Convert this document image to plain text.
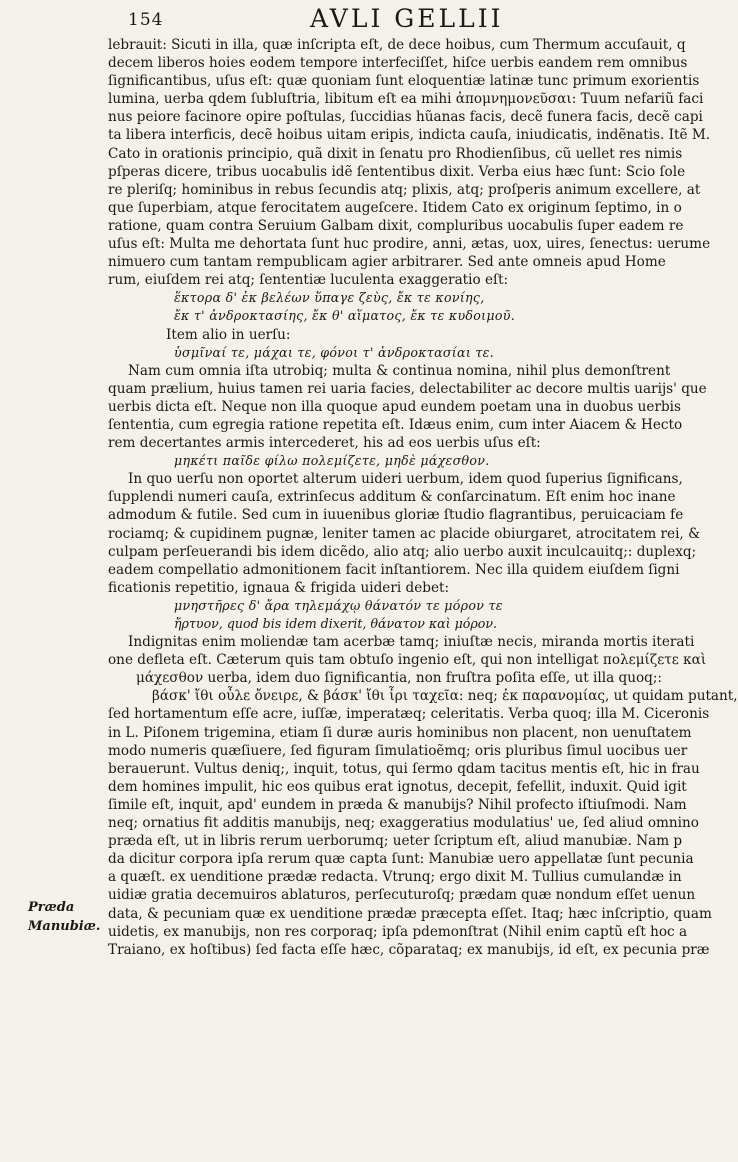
154	AVLI GELLII
Præda
Manubiæ.
lebrauit: Sicuti in illa, quæ inſcripta eſt, de dece hoibus, cum Thermum accuſauit, q
decem liberos hoies eodem tempore interfeciſſet, hiſce uerbis eandem rem omnibus
ſignificantibus, uſus eſt: quæ quoniam ſunt eloquentiæ latinæ tunc primum exorientis
lumina, uerba qdem ſubluſtria, libitum eſt ea mihi ἀπομνημονεῦσαι: Tuum nefariũ faci
nus peiore facinore opire poſtulas, ſuccidias hũanas facis, decẽ funera facis, decẽ capi
ta libera interficis, decẽ hoibus uitam eripis, indicta cauſa, iniudicatis, indẽnatis. Itẽ M.
Cato in orationis principio, quã dixit in ſenatu pro Rhodienſibus, cũ uellet res nimis
pſperas dicere, tribus uocabulis idẽ ſententibus dixit. Verba eius hæc ſunt: Scio ſole
re pleriſq; hominibus in rebus ſecundis atq; plixis, atq; proſperis animum excellere, at
que ſuperbiam, atque ferocitatem augeſcere. Itidem Cato ex originum ſeptimo, in o
ratione, quam contra Seruium Galbam dixit, compluribus uocabulis ſuper eadem re
uſus eſt: Multa me dehortata ſunt huc prodire, anni, ætas, uox, uires, ſenectus: uerume
nimuero cum tantam rempublicam agier arbitrarer. Sed ante omneis apud Home
rum, eiuſdem rei atq; ſententiæ luculenta exaggeratio eſt:
ἕκτορα δ' ἐκ βελέων ὕπαγε ζεὺς, ἔκ τε κονίης,
ἔκ τ' ἀνδροκτασίης, ἔκ θ' αἵματος, ἔκ τε κυδοιμοῦ.
Item alio in uerſu:
ὑσμῖναί τε, μάχαι τε, φόνοι τ' ἀνδροκτασίαι τε.
Nam cum omnia iſta utrobiq; multa & continua nomina, nihil plus demonſtrent
quam prælium, huius tamen rei uaria facies, delectabiliter ac decore multis uarijs' que
uerbis dicta eſt. Neque non illa quoque apud eundem poetam una in duobus uerbis
ſententia, cum egregia ratione repetita eſt. Idæus enim, cum inter Aiacem & Hecto
rem decertantes armis intercederet, his ad eos uerbis uſus eſt:
μηκέτι παῖδε φίλω πολεμίζετε, μηδὲ μάχεσθον.
In quo uerſu non oportet alterum uideri uerbum, idem quod ſuperius ſignificans,
ſupplendi numeri cauſa, extrinſecus additum & conſarcinatum. Eſt enim hoc inane
admodum & futile. Sed cum in iuuenibus gloriæ ſtudio flagrantibus, peruicaciam fe
rociamq; & cupidinem pugnæ, leniter tamen ac placide obiurgaret, atrocitatem rei, &
culpam perſeuerandi bis idem dicẽdo, alio atq; alio uerbo auxit inculcauitq;: duplexq;
eadem compellatio admonitionem facit inſtantiorem. Nec illa quidem eiuſdem ſigni
ficationis repetitio, ignaua & frigida uideri debet:
μνηστῆρες δ' ἄρα τηλεμάχῳ θάνατόν τε μόρον τε
ἤρτυον, quod bis idem dixerit, θάνατον καὶ μόρον.
Indignitas enim moliendæ tam acerbæ tamq; iniuſtæ necis, miranda mortis iterati
one defleta eſt. Cæterum quis tam obtuſo ingenio eſt, qui non intelligat πολεμίζετε καὶ
μάχεσθον uerba, idem duo ſignificantia, non fruſtra poſita eſſe, ut illa quoq;:
βάσκ' ἴθι οὖλε ὄνειρε, & βάσκ' ἴθι ἶρι ταχεῖα: neq; ἐκ παρανομίας, ut quidam putant,
ſed hortamentum eſſe acre, iuſſæ, imperatæq; celeritatis. Verba quoq; illa M. Ciceronis
in L. Piſonem trigemina, etiam ſi duræ auris hominibus non placent, non uenuſtatem
modo numeris quæſiuere, ſed figuram ſimulatioẽmq; oris pluribus ſimul uocibus uer
berauerunt. Vultus deniq;, inquit, totus, qui ſermo qdam tacitus mentis eſt, hic in frau
dem homines impulit, hic eos quibus erat ignotus, decepit, fefellit, induxit. Quid igit
ſimile eſt, inquit, apd' eundem in præda & manubijs? Nihil profecto iſtiuſmodi. Nam
neq; ornatius fit additis manubijs, neq; exaggeratius modulatius' ue, ſed aliud omnino
præda eſt, ut in libris rerum uerborumq; ueter ſcriptum eſt, aliud manubiæ. Nam p
da dicitur corpora ipſa rerum quæ capta ſunt: Manubiæ uero appellatæ ſunt pecunia
a quæſt. ex uenditione prædæ redacta. Vtrunq; ergo dixit M. Tullius cumulandæ in
uidiæ gratia decemuiros ablaturos, perſecuturoſq; prædam quæ nondum eſſet uenun
data, & pecuniam quæ ex uenditione prædæ præcepta eſſet. Itaq; hæc inſcriptio, quam
uidetis, ex manubijs, non res corporaq; ipſa pdemonſtrat (Nihil enim captũ eſt hoc a
Traiano, ex hoſtibus) ſed facta eſſe hæc, cõparataq; ex manubijs, id eſt, ex pecunia præ
